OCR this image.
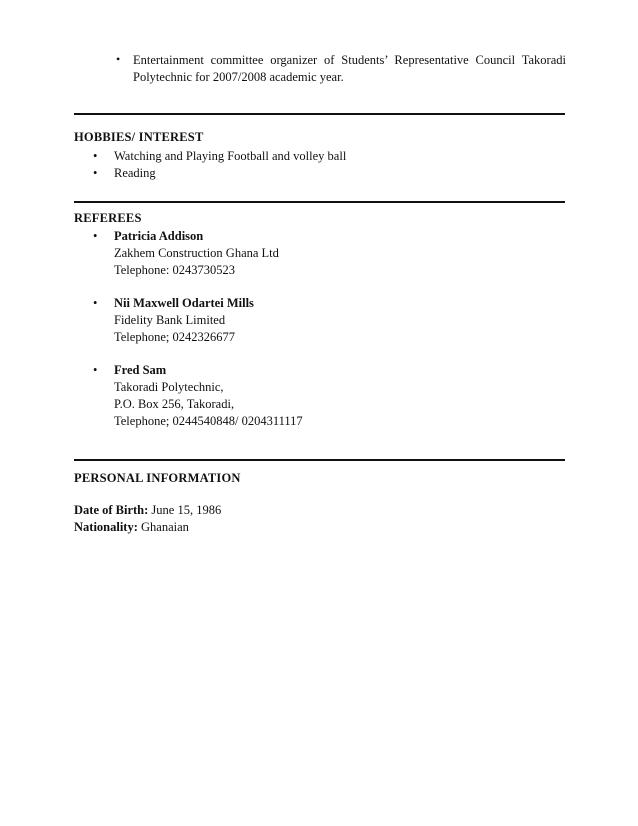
• Entertainment committee organizer of Students’ Representative Council Takoradi Polytechnic for 2007/2008 academic year.
HOBBIES/ INTEREST
• Watching and Playing Football and volley ball
• Reading
REFEREES
• Patricia Addison
Zakhem Construction Ghana Ltd
Telephone: 0243730523
• Nii Maxwell Odartei Mills
Fidelity Bank Limited
Telephone; 0242326677
• Fred Sam
Takoradi Polytechnic,
P.O. Box 256, Takoradi,
Telephone; 0244540848/ 0204311117
PERSONAL INFORMATION
Date of Birth: June 15, 1986
Nationality: Ghanaian
